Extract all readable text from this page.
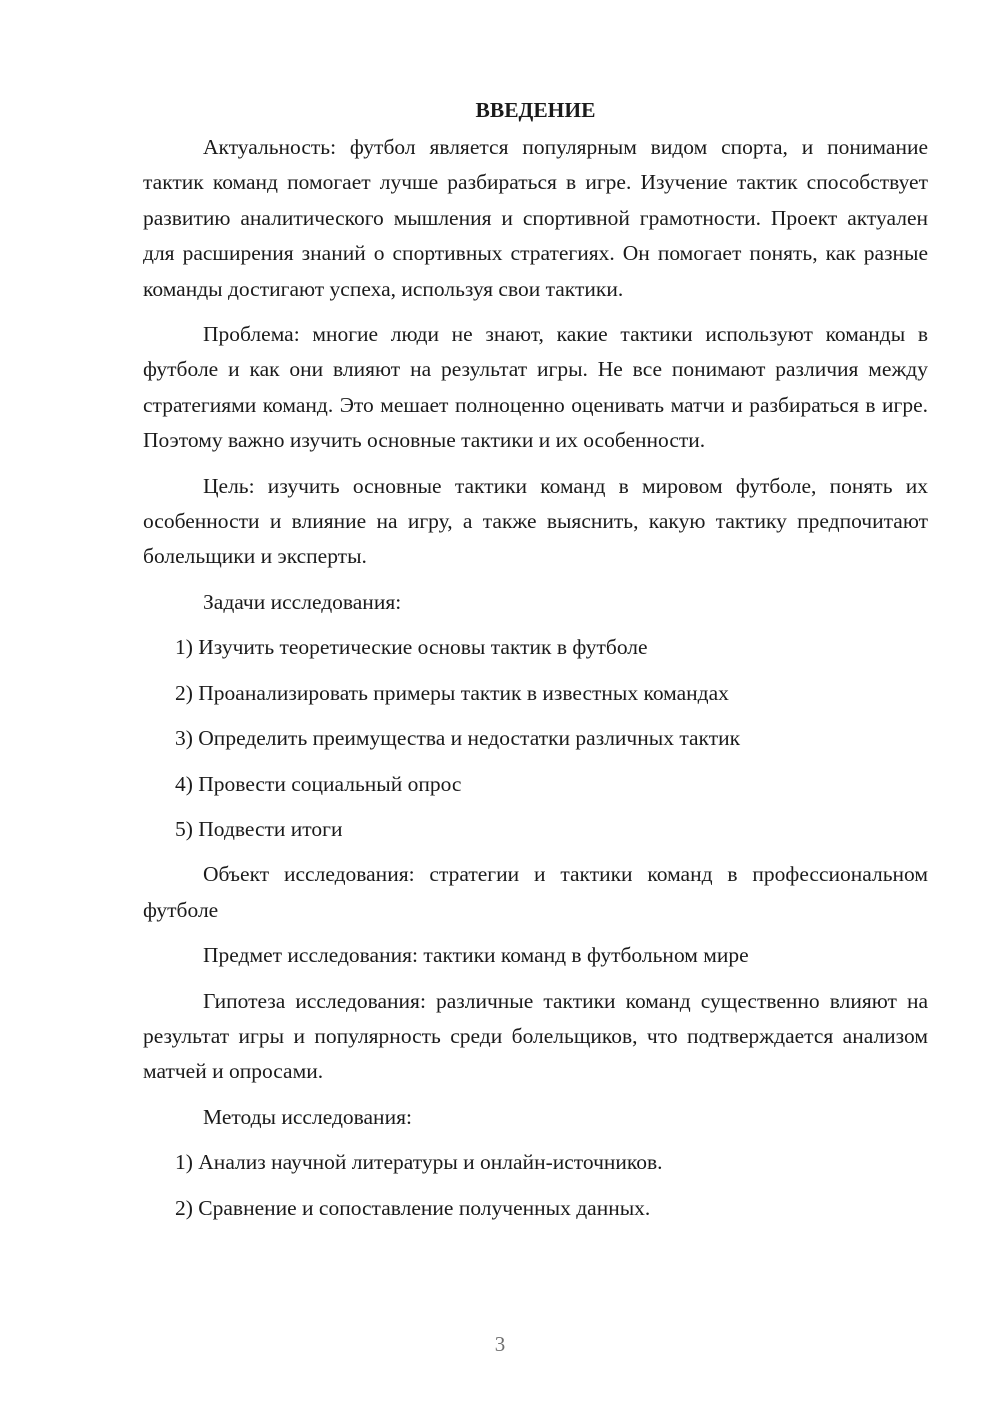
ВВЕДЕНИЕ

Актуальность: футбол является популярным видом спорта, и понимание тактик команд помогает лучше разбираться в игре. Изучение тактик способствует развитию аналитического мышления и спортивной грамотности. Проект актуален для расширения знаний о спортивных стратегиях. Он помогает понять, как разные команды достигают успеха, используя свои тактики.

Проблема: многие люди не знают, какие тактики используют команды в футболе и как они влияют на результат игры. Не все понимают различия между стратегиями команд. Это мешает полноценно оценивать матчи и разбираться в игре. Поэтому важно изучить основные тактики и их особенности.

Цель: изучить основные тактики команд в мировом футболе, понять их особенности и влияние на игру, а также выяснить, какую тактику предпочитают болельщики и эксперты.

Задачи исследования:

1) Изучить теоретические основы тактик в футболе
2) Проанализировать примеры тактик в известных командах
3) Определить преимущества и недостатки различных тактик
4) Провести социальный опрос
5) Подвести итоги

Объект исследования: стратегии и тактики команд в профессиональном футболе

Предмет исследования: тактики команд в футбольном мире

Гипотеза исследования: различные тактики команд существенно влияют на результат игры и популярность среди болельщиков, что подтверждается анализом матчей и опросами.

Методы исследования:

1) Анализ научной литературы и онлайн-источников.
2) Сравнение и сопоставление полученных данных.
3
